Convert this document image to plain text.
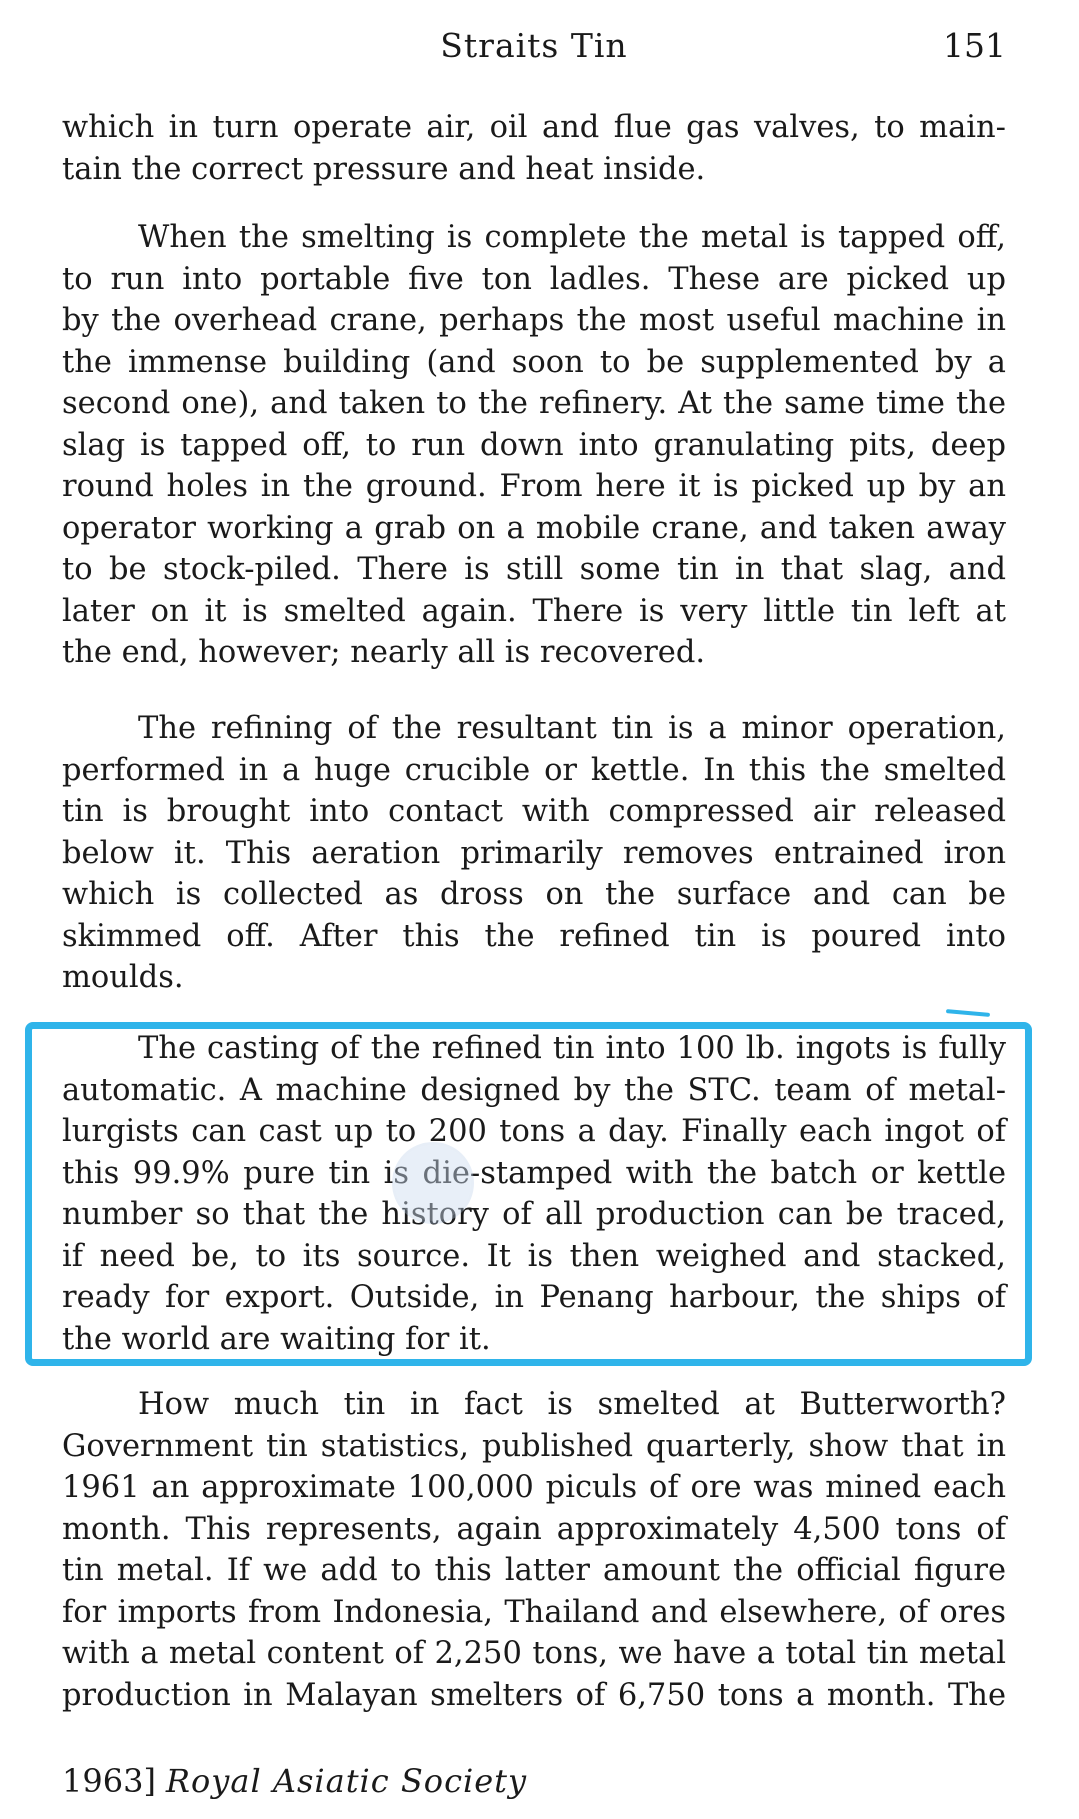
Straits Tin	151

which in turn operate air, oil and flue gas valves, to main-
tain the correct pressure and heat inside.

When the smelting is complete the metal is tapped off,
to run into portable five ton ladles. These are picked up
by the overhead crane, perhaps the most useful machine in
the immense building (and soon to be supplemented by a
second one), and taken to the refinery. At the same time the
slag is tapped off, to run down into granulating pits, deep
round holes in the ground. From here it is picked up by an
operator working a grab on a mobile crane, and taken away
to be stock-piled. There is still some tin in that slag, and
later on it is smelted again. There is very little tin left at
the end, however; nearly all is recovered.

The refining of the resultant tin is a minor operation,
performed in a huge crucible or kettle. In this the smelted
tin is brought into contact with compressed air released
below it. This aeration primarily removes entrained iron
which is collected as dross on the surface and can be
skimmed off. After this the refined tin is poured into
moulds.

The casting of the refined tin into 100 lb. ingots is fully
automatic. A machine designed by the STC. team of metal-
lurgists can cast up to 200 tons a day. Finally each ingot of
this 99.9% pure tin is die-stamped with the batch or kettle
number so that the history of all production can be traced,
if need be, to its source. It is then weighed and stacked,
ready for export. Outside, in Penang harbour, the ships of
the world are waiting for it.

How much tin in fact is smelted at Butterworth?
Government tin statistics, published quarterly, show that in
1961 an approximate 100,000 piculs of ore was mined each
month. This represents, again approximately 4,500 tons of
tin metal. If we add to this latter amount the official figure
for imports from Indonesia, Thailand and elsewhere, of ores
with a metal content of 2,250 tons, we have a total tin metal
production in Malayan smelters of 6,750 tons a month. The

1963] Royal Asiatic Society
